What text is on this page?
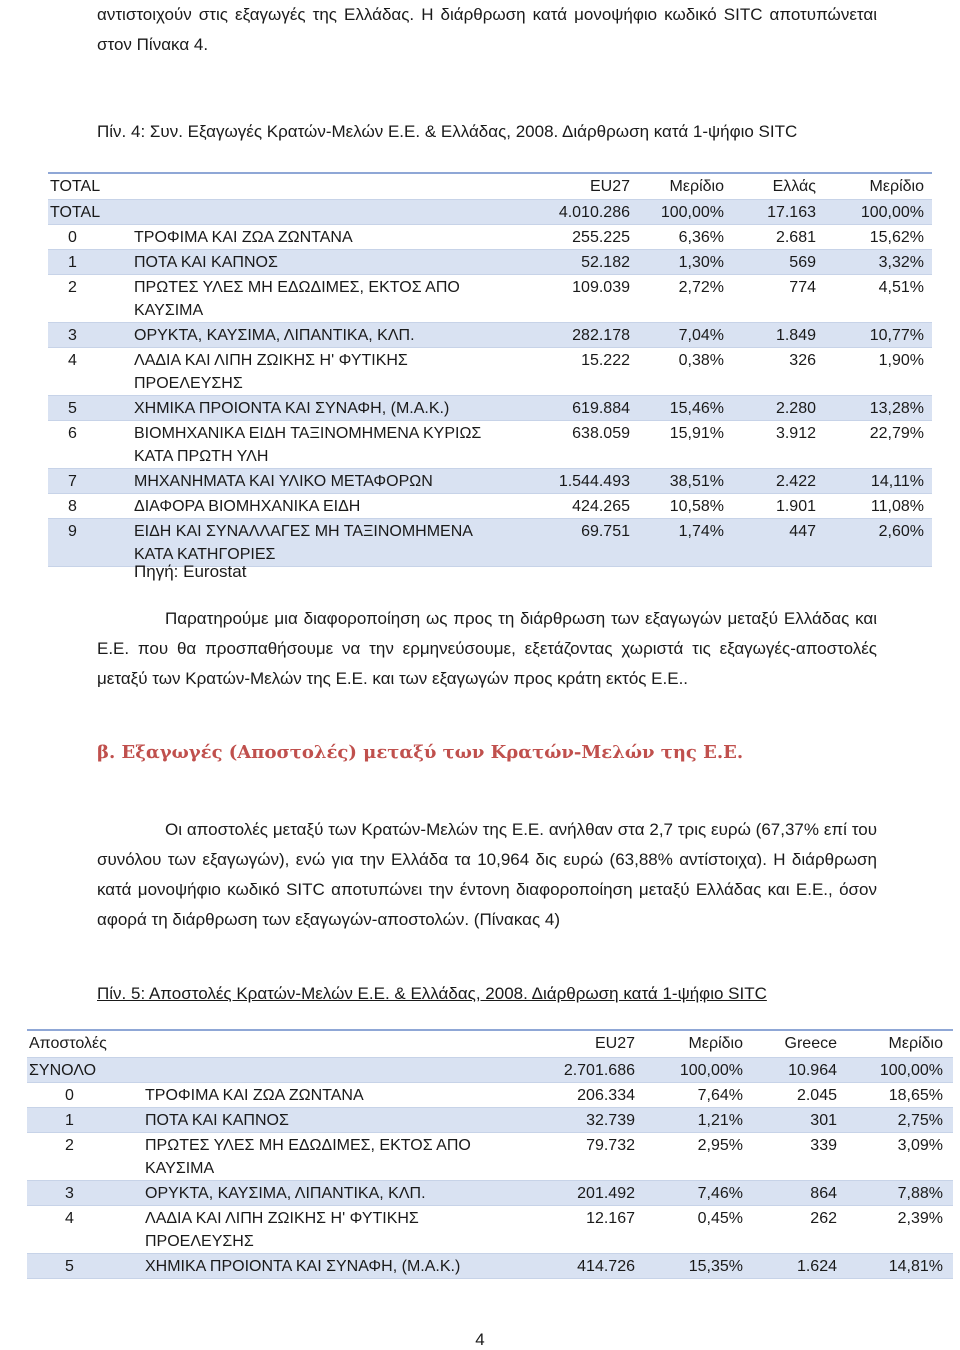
αντιστοιχούν στις εξαγωγές της Ελλάδας. Η διάρθρωση κατά μονοψήφιο κωδικό SITC αποτυπώνεται στον Πίνακα 4.
Πίν. 4: Συν. Εξαγωγές Κρατών-Μελών Ε.Ε. & Ελλάδας, 2008. Διάρθρωση κατά 1-ψήφιο SITC
TOTAL	EU27 Μερίδιο	Ελλάς	Μερίδιο
TOTAL	4.010.286 100,00%	17.163	100,00%
0	ΤΡΟΦΙΜΑ ΚΑΙ ΖΩΑ ΖΩΝΤΑΝΑ	255.225	6,36%	2.681	15,62%
1	ΠΟΤΑ ΚΑΙ ΚΑΠΝΟΣ	52.182	1,30%	569	3,32%
2	ΠΡΩΤΕΣ ΥΛΕΣ ΜΗ ΕΔΩΔΙΜΕΣ, ΕΚΤΟΣ ΑΠΟ ΚΑΥΣΙΜΑ
109.039	2,72%	774	4,51%
3	ΟΡΥΚΤΑ, ΚΑΥΣΙΜΑ, ΛΙΠΑΝΤΙΚΑ, ΚΛΠ.	282.178	7,04%	1.849	10,77%
4	ΛΑΔΙΑ ΚΑΙ ΛΙΠΗ ΖΩΙΚΗΣ Η' ΦΥΤΙΚΗΣ ΠΡΟΕΛΕΥΣΗΣ
15.222	0,38%	326	1,90%
5	ΧΗΜΙΚΑ ΠΡΟΙΟΝΤΑ ΚΑΙ ΣΥΝΑΦΗ, (Μ.Α.Κ.)	619.884 15,46%	2.280	13,28%
6	ΒΙΟΜΗΧΑΝΙΚΑ ΕΙΔΗ ΤΑΞΙΝΟΜΗΜΕΝΑ ΚΥΡΙΩΣ ΚΑΤΑ ΠΡΩΤΗ ΥΛΗ
638.059 15,91%	3.912	22,79%
7	ΜΗΧΑΝΗΜΑΤΑ ΚΑΙ ΥΛΙΚΟ ΜΕΤΑΦΟΡΩΝ	1.544.493 38,51%	2.422	14,11%
8	ΔΙΑΦΟΡΑ ΒΙΟΜΗΧΑΝΙΚΑ ΕΙΔΗ	424.265 10,58%	1.901	11,08%
9	ΕΙΔΗ ΚΑΙ ΣΥΝΑΛΛΑΓΕΣ ΜΗ ΤΑΞΙΝΟΜΗΜΕΝΑ ΚΑΤΑ ΚΑΤΗΓΟΡΙΕΣ
69.751	1,74%	447	2,60%
Πηγή: Eurostat
Παρατηρούμε μια διαφοροποίηση ως προς τη διάρθρωση των εξαγωγών μεταξύ Ελλάδας και Ε.Ε. που θα προσπαθήσουμε να την ερμηνεύσουμε, εξετάζοντας χωριστά τις εξαγωγές-αποστολές μεταξύ των Κρατών-Μελών της Ε.Ε. και των εξαγωγών προς κράτη εκτός Ε.Ε..
β. Εξαγωγές (Αποστολές) μεταξύ των Κρατών-Μελών της Ε.Ε.
Οι αποστολές μεταξύ των Κρατών-Μελών της Ε.Ε. ανήλθαν στα 2,7 τρις ευρώ (67,37% επί του συνόλου των εξαγωγών), ενώ για την Ελλάδα τα 10,964 δις ευρώ (63,88% αντίστοιχα). Η διάρθρωση κατά μονοψήφιο κωδικό SITC αποτυπώνει την έντονη διαφοροποίηση μεταξύ Ελλάδας και Ε.Ε., όσον αφορά τη διάρθρωση των εξαγωγών-αποστολών. (Πίνακας 4)
Πίν. 5: Αποστολές Κρατών-Μελών Ε.Ε. & Ελλάδας, 2008. Διάρθρωση κατά 1-ψήφιο SITC
Αποστολές	EU27	Μερίδιο	Greece	Μερίδιο
ΣΥΝΟΛΟ	2.701.686	100,00%	10.964	100,00%
0	ΤΡΟΦΙΜΑ ΚΑΙ ΖΩΑ ΖΩΝΤΑΝΑ	206.334	7,64%	2.045	18,65%
1	ΠΟΤΑ ΚΑΙ ΚΑΠΝΟΣ	32.739	1,21%	301	2,75%
2	ΠΡΩΤΕΣ ΥΛΕΣ ΜΗ ΕΔΩΔΙΜΕΣ, ΕΚΤΟΣ ΑΠΟ ΚΑΥΣΙΜΑ
79.732	2,95%	339	3,09%
3	ΟΡΥΚΤΑ, ΚΑΥΣΙΜΑ, ΛΙΠΑΝΤΙΚΑ, ΚΛΠ.	201.492	7,46%	864	7,88%
4	ΛΑΔΙΑ ΚΑΙ ΛΙΠΗ ΖΩΙΚΗΣ Η' ΦΥΤΙΚΗΣ ΠΡΟΕΛΕΥΣΗΣ
12.167	0,45%	262	2,39%
5	ΧΗΜΙΚΑ ΠΡΟΙΟΝΤΑ ΚΑΙ ΣΥΝΑΦΗ, (Μ.Α.Κ.)	414.726	15,35%	1.624	14,81%
4
